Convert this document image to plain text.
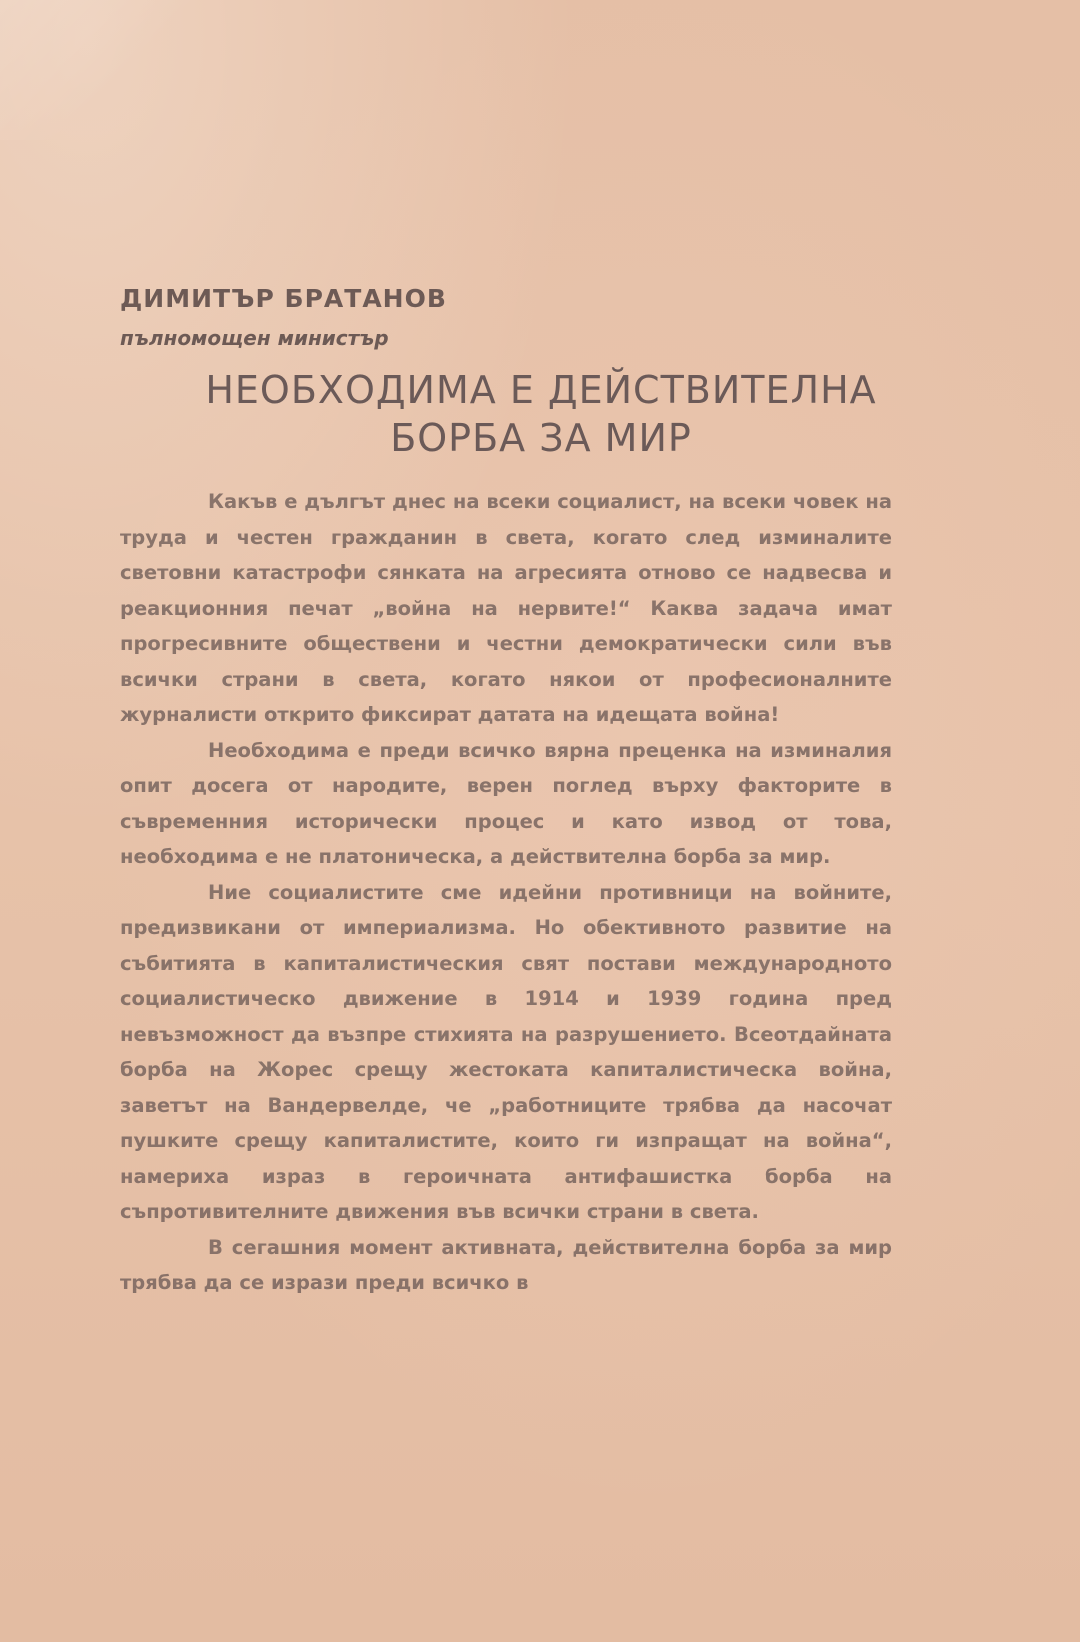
ДИМИТЪР БРАТАНОВ
пълномощен министър
НЕОБХОДИМА Е ДЕЙСТВИТЕЛНА
БОРБА ЗА МИР

Какъв е дългът днес на всеки социалист, на всеки човек на труда и честен гражданин в света, когато след изминалите световни катастрофи сянката на агресията отново се надвесва и реакционния печат „война на нервите!“ Каква задача имат прогресивните обществени и честни демократически сили във всички страни в света, когато някои от професионалните журналисти открито фиксират датата на идещата война!

Необходима е преди всичко вярна преценка на изминалия опит досега от народите, верен поглед върху факторите в съвременния исторически процес и като извод от това, необходима е не платоническа, а действителна борба за мир.

Ние социалистите сме идейни противници на войните, предизвикани от империализма. Но обективното развитие на събитията в капиталистическия свят постави международното социалистическо движение в 1914 и 1939 година пред невъзможност да възпре стихията на разрушението. Всеотдайната борба на Жорес срещу жестоката капиталистическа война, заветът на Вандервелде, че „работниците трябва да насочат пушките срещу капиталистите, които ги изпращат на война“, намериха израз в героичната антифашистка борба на съпротивителните движения във всички страни в света.

В сегашния момент активната, действителна борба за мир трябва да се изрази преди всичко в
